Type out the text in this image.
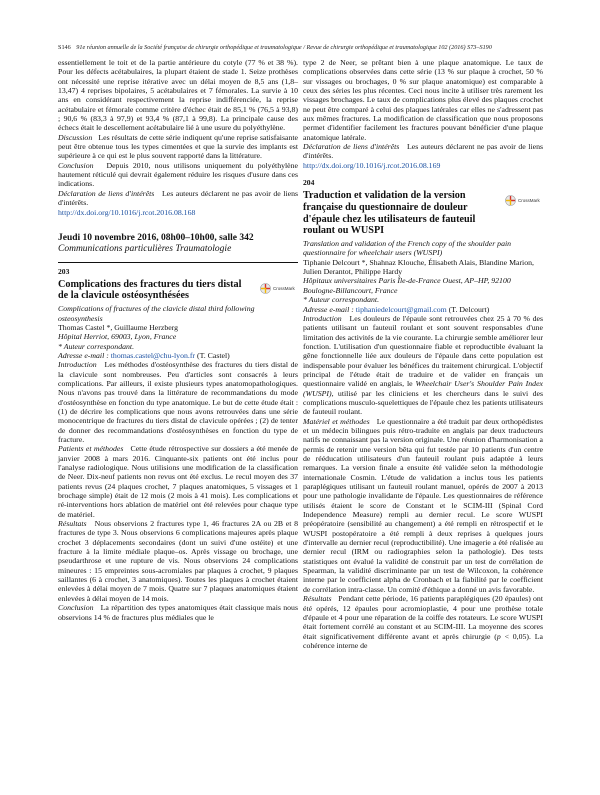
S146 91e réunion annuelle de la Société française de chirurgie orthopédique et traumatologique / Revue de chirurgie orthopédique et traumatologique 102 (2016) S73–S190

essentiellement le toit et de la partie antérieure du cotyle (77 % et 38 %). Pour les défects acétabulaires, la plupart étaient de stade 1. Seize prothèses ont nécessité une reprise itérative avec un délai moyen de 8,5 ans (1,8–13,47) 4 reprises bipolaires, 5 acétabulaires et 7 fémorales. La survie à 10 ans en considérant respectivement la reprise indifférenciée, la reprise acétabulaire et fémorale comme critère d'échec était de 85,1 % (76,5 à 93,8) ; 90,6 % (83,3 à 97,9) et 93,4 % (87,1 à 99,8). La principale cause des échecs était le descellement acétabulaire lié à une usure du polyéthylène.

Discussion Les résultats de cette série indiquent qu'une reprise satisfaisante peut être obtenue tous les types cimentées et que la survie des implants est supérieure à ce qui est le plus souvent rapporté dans la littérature.

Conclusion Depuis 2010, nous utilisons uniquement du polyéthylène hautement réticulé qui devrait également réduire les risques d'usure dans ces indications.

Déclaration de liens d'intérêts Les auteurs déclarent ne pas avoir de liens d'intérêts.

http://dx.doi.org/10.1016/j.rcot.2016.08.168

Jeudi 10 novembre 2016, 08h00–10h00, salle 342
Communications particulières Traumatologie
203

Complications des fractures du tiers distal de la clavicule ostéosynthésées

CrossMark

Complications of fractures of the clavicle distal third following osteosynthesis

Thomas Castel *, Guillaume Herzberg

Hôpital Herriot, 69003, Lyon, France

* Auteur correspondant.

Adresse e-mail : thomas.castel@chu-lyon.fr (T. Castel)

Introduction Les méthodes d'ostéosynthèse des fractures du tiers distal de la clavicule sont nombreuses. Peu d'articles sont consacrés à leurs complications. Par ailleurs, il existe plusieurs types anatomopathologiques. Nous n'avons pas trouvé dans la littérature de recommandations du mode d'ostéosynthèse en fonction du type anatomique. Le but de cette étude était : (1) de décrire les complications que nous avons retrouvées dans une série monocentrique de fractures du tiers distal de clavicule opérées ; (2) de tenter de donner des recommandations d'ostéosynthèses en fonction du type de fracture.

Patients et méthodes Cette étude rétrospective sur dossiers a été menée de janvier 2008 à mars 2016. Cinquante-six patients ont été inclus pour l'analyse radiologique. Nous utilisions une modification de la classification de Neer. Dix-neuf patients non revus ont été exclus. Le recul moyen des 37 patients revus (24 plaques crochet, 7 plaques anatomiques, 5 vissages et 1 brochage simple) était de 12 mois (2 mois à 41 mois). Les complications et ré-interventions hors ablation de matériel ont été relevées pour chaque type de matériel.

Résultats Nous observions 2 fractures type 1, 46 fractures 2A ou 2B et 8 fractures de type 3. Nous observions 6 complications majeures après plaque crochet 3 déplacements secondaires (dont un suivi d'une ostéite) et une fracture à la limite médiale plaque–os. Après vissage ou brochage, une pseudarthrose et une rupture de vis. Nous observions 24 complications mineures : 15 empreintes sous-acromiales par plaques à crochet, 9 plaques saillantes (6 à crochet, 3 anatomiques). Toutes les plaques à crochet étaient enlevées à délai moyen de 7 mois. Quatre sur 7 plaques anatomiques étaient enlevées à délai moyen de 14 mois.

Conclusion La répartition des types anatomiques était classique mais nous observions 14 % de fractures plus médiales que le

type 2 de Neer, se prêtant bien à une plaque anatomique. Le taux de complications observées dans cette série (13 % sur plaque à crochet, 50 % sur vissages ou brochages, 0 % sur plaque anatomique) est comparable à ceux des séries les plus récentes. Ceci nous incite à utiliser très rarement les vissages brochages. Le taux de complications plus élevé des plaques crochet ne peut être comparé à celui des plaques latérales car elles ne s'adressent pas aux mêmes fractures. La modification de classification que nous proposons permet d'identifier facilement les fractures pouvant bénéficier d'une plaque anatomique latérale.

Déclaration de liens d'intérêts Les auteurs déclarent ne pas avoir de liens d'intérêts.

http://dx.doi.org/10.1016/j.rcot.2016.08.169

204

Traduction et validation de la version française du questionnaire de douleur d'épaule chez les utilisateurs de fauteuil roulant ou WUSPI

CrossMark

Translation and validation of the French copy of the shoulder pain questionnaire for wheelchair users (WUSPI)

Tiphanie Delcourt *, Shahnaz Klouche, Élisabeth Alais, Blandine Marion, Julien Derantot, Philippe Hardy

Hôpitaux universitaires Paris Île-de-France Ouest, AP–HP, 92100 Boulogne-Billancourt, France

* Auteur correspondant.

Adresse e-mail : tiphaniedelcourt@gmail.com (T. Delcourt)

Introduction Les douleurs de l'épaule sont retrouvées chez 25 à 70 % des patients utilisant un fauteuil roulant et sont souvent responsables d'une limitation des activités de la vie courante. La chirurgie semble améliorer leur fonction. L'utilisation d'un questionnaire fiable et reproductible évaluant la gêne fonctionnelle liée aux douleurs de l'épaule dans cette population est indispensable pour évaluer les bénéfices du traitement chirurgical. L'objectif principal de l'étude était de traduire et de valider en français un questionnaire validé en anglais, le Wheelchair User's Shoulder Pain Index (WUSPI), utilisé par les cliniciens et les chercheurs dans le suivi des complications musculo-squelettiques de l'épaule chez les patients utilisateurs de fauteuil roulant.

Matériel et méthodes Le questionnaire a été traduit par deux orthopédistes et un médecin bilingues puis rétro-traduite en anglais par deux traducteurs natifs ne connaissant pas la version originale. Une réunion d'harmonisation a permis de retenir une version bêta qui fut testée par 10 patients d'un centre de rééducation utilisateurs d'un fauteuil roulant puis adaptée à leurs remarques. La version finale a ensuite été validée selon la méthodologie internationale Cosmin. L'étude de validation a inclus tous les patients paraplégiques utilisant un fauteuil roulant manuel, opérés de 2007 à 2013 pour une pathologie invalidante de l'épaule. Les questionnaires de référence utilisés étaient le score de Constant et le SCIM-III (Spinal Cord Independence Measure) rempli au dernier recul. Le score WUSPI préopératoire (sensibilité au changement) a été rempli en rétrospectif et le WUSPI postopératoire a été rempli à deux reprises à quelques jours d'intervalle au dernier recul (reproductibilité). Une imagerie a été réalisée au dernier recul (IRM ou radiographies selon la pathologie). Des tests statistiques ont évalué la validité de construit par un test de corrélation de Spearman, la validité discriminante par un test de Wilcoxon, la cohérence interne par le coefficient alpha de Cronbach et la fiabilité par le coefficient de corrélation intra-classe. Un comité d'éthique a donné un avis favorable.

Résultats Pendant cette période, 16 patients paraplégiques (20 épaules) ont été opérés, 12 épaules pour acromioplastie, 4 pour une prothèse totale d'épaule et 4 pour une réparation de la coiffe des rotateurs. Le score WUSPI était fortement corrélé au constant et au SCIM-III. La moyenne des scores était significativement différente avant et après chirurgie (p < 0,05). La cohérence interne de
